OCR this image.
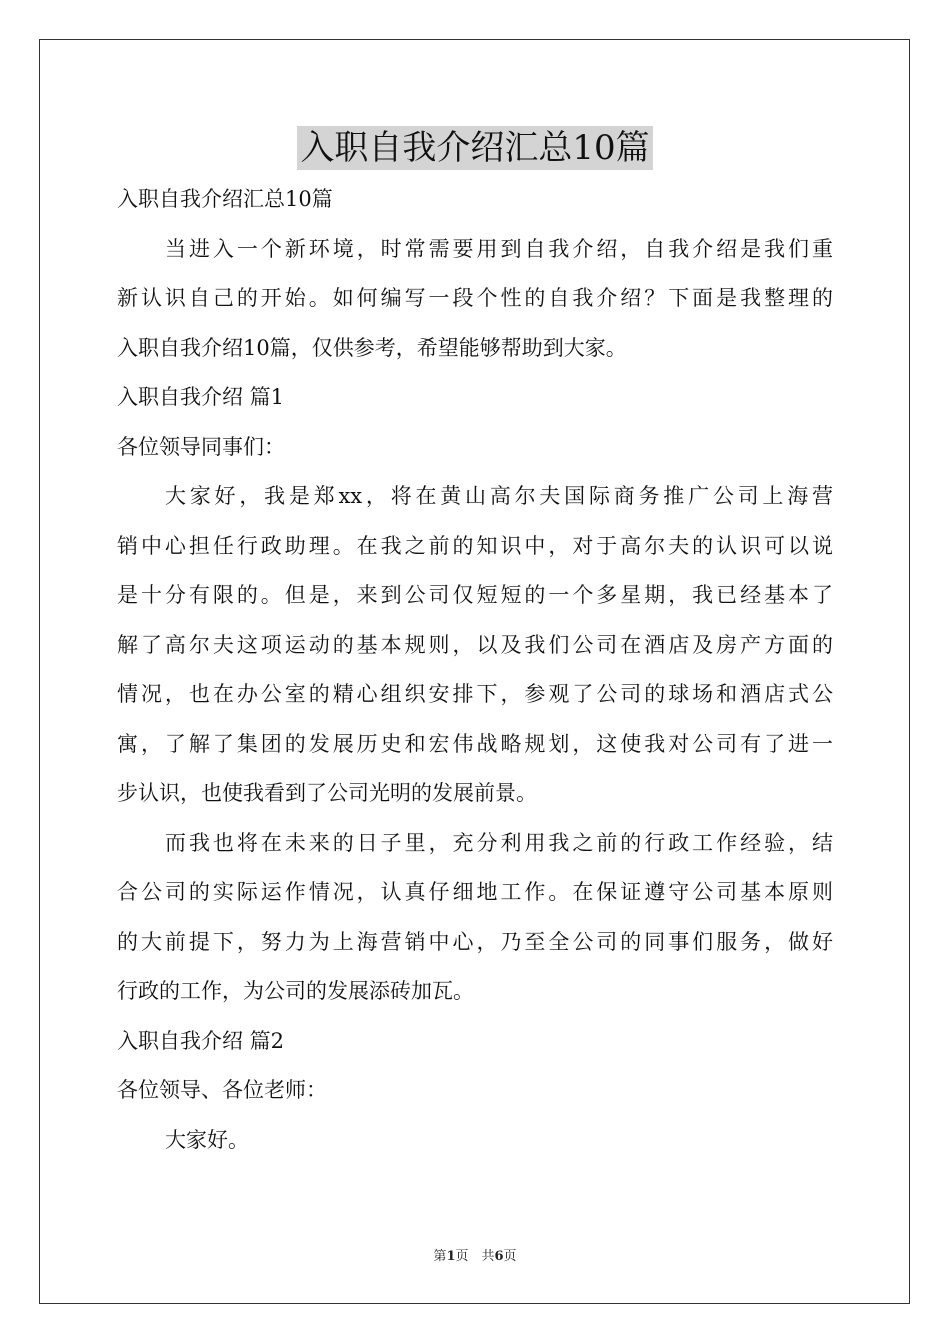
入职自我介绍汇总10篇
入职自我介绍汇总10篇
当进入一个新环境，时常需要用到自我介绍，自我介绍是我们重
新认识自己的开始。如何编写一段个性的自我介绍？下面是我整理的
入职自我介绍10篇，仅供参考，希望能够帮助到大家。
入职自我介绍 篇1
各位领导同事们：
大家好，我是郑xx，将在黄山高尔夫国际商务推广公司上海营
销中心担任行政助理。在我之前的知识中，对于高尔夫的认识可以说
是十分有限的。但是，来到公司仅短短的一个多星期，我已经基本了
解了高尔夫这项运动的基本规则，以及我们公司在酒店及房产方面的
情况，也在办公室的精心组织安排下，参观了公司的球场和酒店式公
寓，了解了集团的发展历史和宏伟战略规划，这使我对公司有了进一
步认识，也使我看到了公司光明的发展前景。
而我也将在未来的日子里，充分利用我之前的行政工作经验，结
合公司的实际运作情况，认真仔细地工作。在保证遵守公司基本原则
的大前提下，努力为上海营销中心，乃至全公司的同事们服务，做好
行政的工作，为公司的发展添砖加瓦。
入职自我介绍 篇2
各位领导、各位老师：
大家好。
第1页　共6页
